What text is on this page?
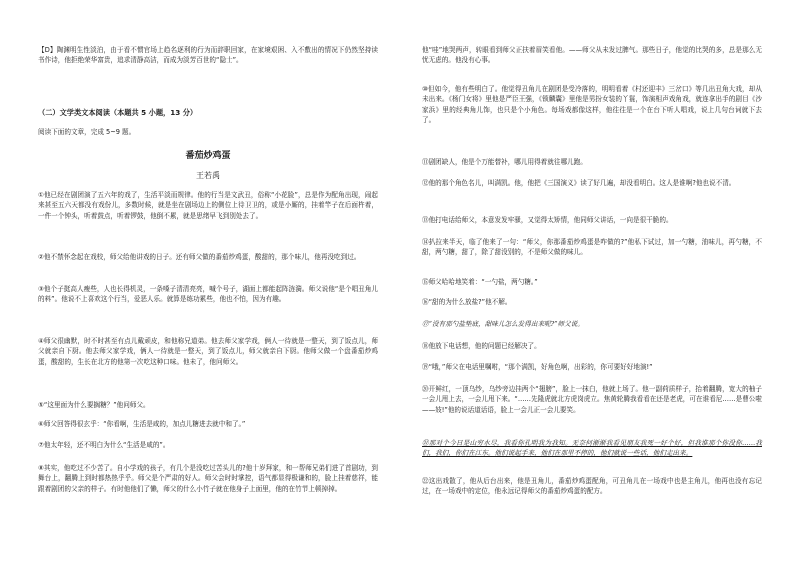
【D】陶渊明生性淡泊，由于看不惯官场上趋名逐利的行为而辞职回家，在家境艰困、入不敷出的情况下仍然坚持读书作诗，他拒绝荣华富贵，追求清静高洁，而成为淡芳百世的“隐士”。

（二）文学类文本阅读（本题共 5 小题，13 分）

阅读下面的文章，完成 5~9 题。

番茄炒鸡蛋

王若禹

①他已经在剧团演了五六年的戏了，生活平淡而规律。他的行当是文武丑，俗称“小花脸”，总是作为配角出现，闹起来甚至五六天都没有戏份儿，多数时候，就是坐在剧场边上的侧位上待卫卫的，或是小厮的，挂着竿子在后面杵着，一件一个钟头，听着鼓点，听着锣鼓，他倒不累，就是思绪早飞到别处去了。

②他不禁怀念起在戏校，师父给他讲戏的日子。还有师父做的番茄炒鸡蛋，酸甜的，那个味儿，他再没吃到过。

③他个子挺高人瘦些，人也长得机灵，一条嗓子清清亮亮，喊个号子，湖面上都能起阵涟漪。师父说他“是个唱丑角儿的料”。他说不上喜欢这个行当，爱恶人乐。就算是练功累些，他也不怕，因为有趣。

④师父很幽默，时不时甚至有点儿戴顽皮，和他称兄道弟。他去师父家学戏，俩人一待就是一整天，到了饭点儿，师父就亲自下厨。他去师父家学戏，俩人一待就是一整天，到了饭点儿，师父就亲自下厨。他师父做一个盘番茄炒鸡蛋，酸甜的，生长在北方的他第一次吃这种口味。他未了，他问师父。

⑤“这里面为什么要搁糖？”他问师父。

⑥师父回答得很玄乎：“你看啊，生活是咸的，加点儿糖进去就中和了。”

⑦他太年轻，还不明白为什么“生活是咸的”。

⑧其实，他吃过不少苦了。自小学戏的孩子，有几个是没吃过苦头儿的?他十岁拜家，和一帮师兄弟们进了首剧功，到舞台上，翻腾上到时都热热乎乎。师父是个严肃的好人。师父会时时掌控，语气都显得极谦和的，脸上挂着慈祥，能跟着剧团的父亲的样子。有时他他们了懒，师父的什么小竹子就在他身子上面里，他的在竹节上顿掉掉。

他“哇”地哭两声，转眼看到师父正扶着眉笑看他。——师父从未发过脾气。那些日子，他觉的比哭的多，总是那么无忧无虑的。他没有心事。

⑩但如今，他有些明白了。他觉得丑角儿在剧团是受冷落的，明明看着《村还迎丰》三岔口》等几出丑角大戏，却从未出来。《杨门女将》里他是严臣王强，《锁麟囊》里他是男扮女装的丫鬟，饰演相声戏角戏，就连拿出手的剧目《沙家浜》里的经典角儿饰，也只是个小角色。每场戏都像这样，他往往是一个在台下听人唱戏，说上几句台词就下去了。

⑪剧团缺人，他是个万能替补，哪儿用得着就往哪儿跑。

⑫他的那个角色名儿，叫满凯。他，他把《三国演义》读了好几遍，却没看明白。这人是谁啊?他也说不清。

⑬他打电话给师父，本意发发牢骚，又觉得太矫情，他同师父讲话，一向是很干脆的。

⑭扒拉来半天，临了他来了一句：“师父，你那番茄炒鸡蛋是咋做的?”他私下试过，加一勺糖，油味儿，再勺糖，不甜，两勺糖，甜了，除了甜没别的，不是师父做的味儿。

⑮师父哈哈地笑着：“一勺盐，两勺糖。”

⑯“甜的为什么放盐?”他不解。

⑰“没有那勺盐垫底，甜味儿怎么发得出来呢?”师父说。

⑱他放下电话想，他的问题已经解决了。

⑲“哦，”师父在电话里嘱咐，“那个满凯，好角色啊，出彩的，你可要好好地演!”

⑳开鲜红，一顶乌纱，乌纱旁边挂两个“翅膀”，脸上一抹白，他就上场了。他一副荷质样子，抬着翻腾，宽大的柚子一会儿甩上去，一会儿甩下来。“……先隆虎就北方虎岗虎立。焦黄轮腾我看看在还是老虎，可在谁看尼……是曹公啦——妓!”他的说话道话语，脸上一会儿正一会儿要笑。

㉑那对个今日是山穷水尽，我看你孔明我为我知。无奈何渐渐我看见朋友我死一好个好，但我谁那个你没你……我们，我们，你们在江东。他们说起手来，他们在那里不停的，他们就说一些话，他们走出来。

㉒这出戏散了，他从后台出来，他是丑角儿，番茄炒鸡蛋配角，可丑角儿在一场戏中也是主角儿，他再也没有忘记过，在一场戏中的定位，他永远记得师父的番茄炒鸡蛋的配方。
